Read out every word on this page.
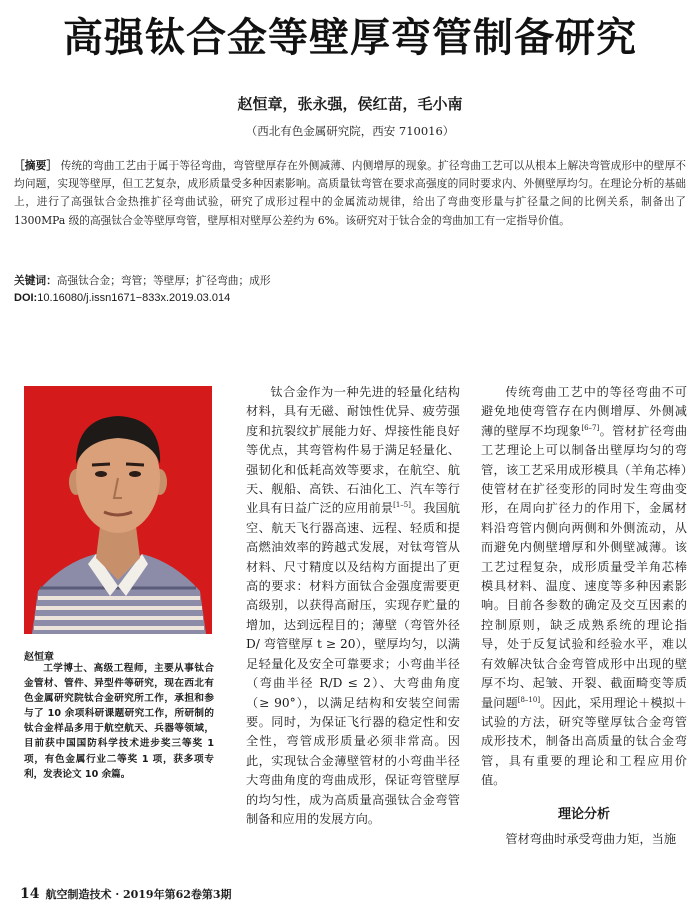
高强钛合金等壁厚弯管制备研究
赵恒章，张永强，侯红苗，毛小南
（西北有色金属研究院，西安 710016）
［摘要］ 传统的弯曲工艺由于属于等径弯曲，弯管壁厚存在外侧减薄、内侧增厚的现象。扩径弯曲工艺可以从根本上解决弯管成形中的壁厚不均问题，实现等壁厚，但工艺复杂，成形质量受多种因素影响。高质量钛弯管在要求高强度的同时要求内、外侧壁厚均匀。在理论分析的基础上，进行了高强钛合金热推扩径弯曲试验，研究了成形过程中的金属流动规律，给出了弯曲变形量与扩径量之间的比例关系，制备出了 1300MPa 级的高强钛合金等壁厚弯管，壁厚相对壁厚公差约为 6%。该研究对于钛合金的弯曲加工有一定指导价值。
关键词：高强钛合金；弯管；等壁厚；扩径弯曲；成形
DOI:10.16080/j.issn1671−833x.2019.03.014
赵恒章
工学博士、高级工程师，主要从事钛合金管材、管件、异型件等研究，现在西北有色金属研究院钛合金研究所工作，承担和参与了 10 余项科研课题研究工作，所研制的钛合金样品多用于航空航天、兵器等领域，目前获中国国防科学技术进步奖三等奖 1 项，有色金属行业二等奖 1 项，获多项专利，发表论文 10 余篇。

钛合金作为一种先进的轻量化结构材料，具有无磁、耐蚀性优异、疲劳强度和抗裂纹扩展能力好、焊接性能良好等优点，其弯管构件易于满足轻量化、强韧化和低耗高效等要求，在航空、航天、舰船、高铁、石油化工、汽车等行业具有日益广泛的应用前景[1–5]。我国航空、航天飞行器高速、远程、轻质和提高燃油效率的跨越式发展，对钛弯管从材料、尺寸精度以及结构方面提出了更高的要求：材料方面钛合金强度需要更高级别，以获得高耐压，实现存贮量的增加，达到远程目的；薄壁（弯管外径 D/ 弯管壁厚 t ≥ 20），壁厚均匀，以满足轻量化及安全可靠要求；小弯曲半径（弯曲半径 R/D ≤ 2）、大弯曲角度（≥ 90°），以满足结构和安装空间需要。同时，为保证飞行器的稳定性和安全性，弯管成形质量必须非常高。因此，实现钛合金薄壁管材的小弯曲半径大弯曲角度的弯曲成形，保证弯管壁厚的均匀性，成为高质量高强钛合金弯管制备和应用的发展方向。

传统弯曲工艺中的等径弯曲不可避免地使弯管存在内侧增厚、外侧减薄的壁厚不均现象[6–7]。管材扩径弯曲工艺理论上可以制备出壁厚均匀的弯管，该工艺采用成形模具（羊角芯棒）使管材在扩径变形的同时发生弯曲变形，在周向扩径力的作用下，金属材料沿弯管内侧向两侧和外侧流动，从而避免内侧壁增厚和外侧壁减薄。该工艺过程复杂，成形质量受羊角芯棒模具材料、温度、速度等多种因素影响。目前各参数的确定及交互因素的控制原则，缺乏成熟系统的理论指导，处于反复试验和经验水平，难以有效解决钛合金弯管成形中出现的壁厚不均、起皱、开裂、截面畸变等质量问题[8–10]。因此，采用理论＋模拟＋试验的方法，研究等壁厚钛合金弯管成形技术，制备出高质量的钛合金弯管，具有重要的理论和工程应用价值。

理论分析

管材弯曲时承受弯曲力矩，当施

14 航空制造技术 · 2019年第62卷第3期
